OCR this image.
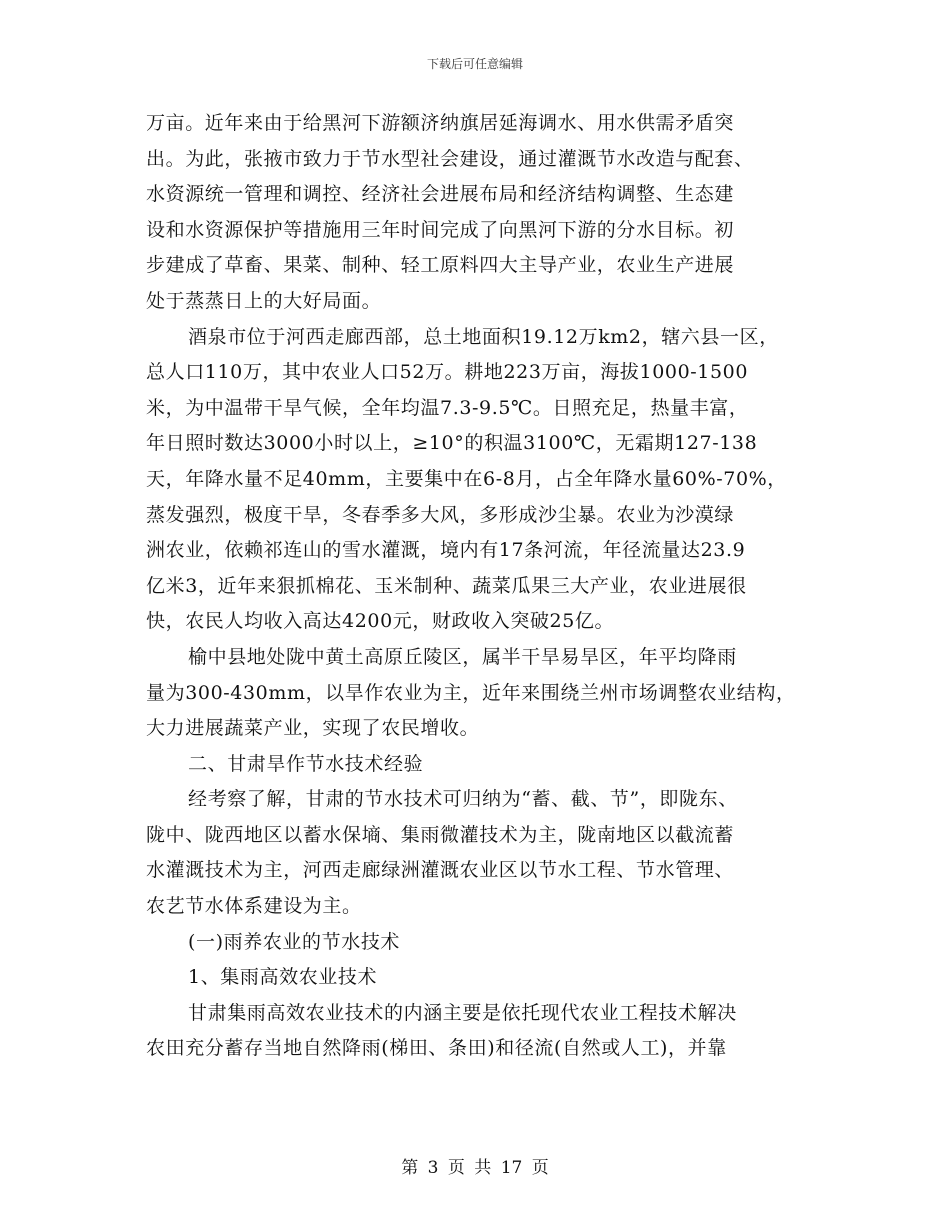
下载后可任意编辑
万亩。近年来由于给黑河下游额济纳旗居延海调水、用水供需矛盾突
出。为此，张掖市致力于节水型社会建设，通过灌溉节水改造与配套、
水资源统一管理和调控、经济社会进展布局和经济结构调整、生态建
设和水资源保护等措施用三年时间完成了向黑河下游的分水目标。初
步建成了草畜、果菜、制种、轻工原料四大主导产业，农业生产进展
处于蒸蒸日上的大好局面。
酒泉市位于河西走廊西部，总土地面积19.12万km2，辖六县一区，
总人口110万，其中农业人口52万。耕地223万亩，海拔1000-1500
米，为中温带干旱气候，全年均温7.3-9.5℃。日照充足，热量丰富，
年日照时数达3000小时以上，≥10°的积温3100℃，无霜期127-138
天，年降水量不足40mm，主要集中在6-8月，占全年降水量60%-70%，
蒸发强烈，极度干旱，冬春季多大风，多形成沙尘暴。农业为沙漠绿
洲农业，依赖祁连山的雪水灌溉，境内有17条河流，年径流量达23.9
亿米3，近年来狠抓棉花、玉米制种、蔬菜瓜果三大产业，农业进展很
快，农民人均收入高达4200元，财政收入突破25亿。
榆中县地处陇中黄土高原丘陵区，属半干旱易旱区，年平均降雨
量为300-430mm，以旱作农业为主，近年来围绕兰州市场调整农业结构，
大力进展蔬菜产业，实现了农民增收。
二、甘肃旱作节水技术经验
经考察了解，甘肃的节水技术可归纳为“蓄、截、节”，即陇东、
陇中、陇西地区以蓄水保墒、集雨微灌技术为主，陇南地区以截流蓄
水灌溉技术为主，河西走廊绿洲灌溉农业区以节水工程、节水管理、
农艺节水体系建设为主。
(一)雨养农业的节水技术
1、集雨高效农业技术
甘肃集雨高效农业技术的内涵主要是依托现代农业工程技术解决
农田充分蓄存当地自然降雨(梯田、条田)和径流(自然或人工)，并靠
第 3 页 共 17 页
